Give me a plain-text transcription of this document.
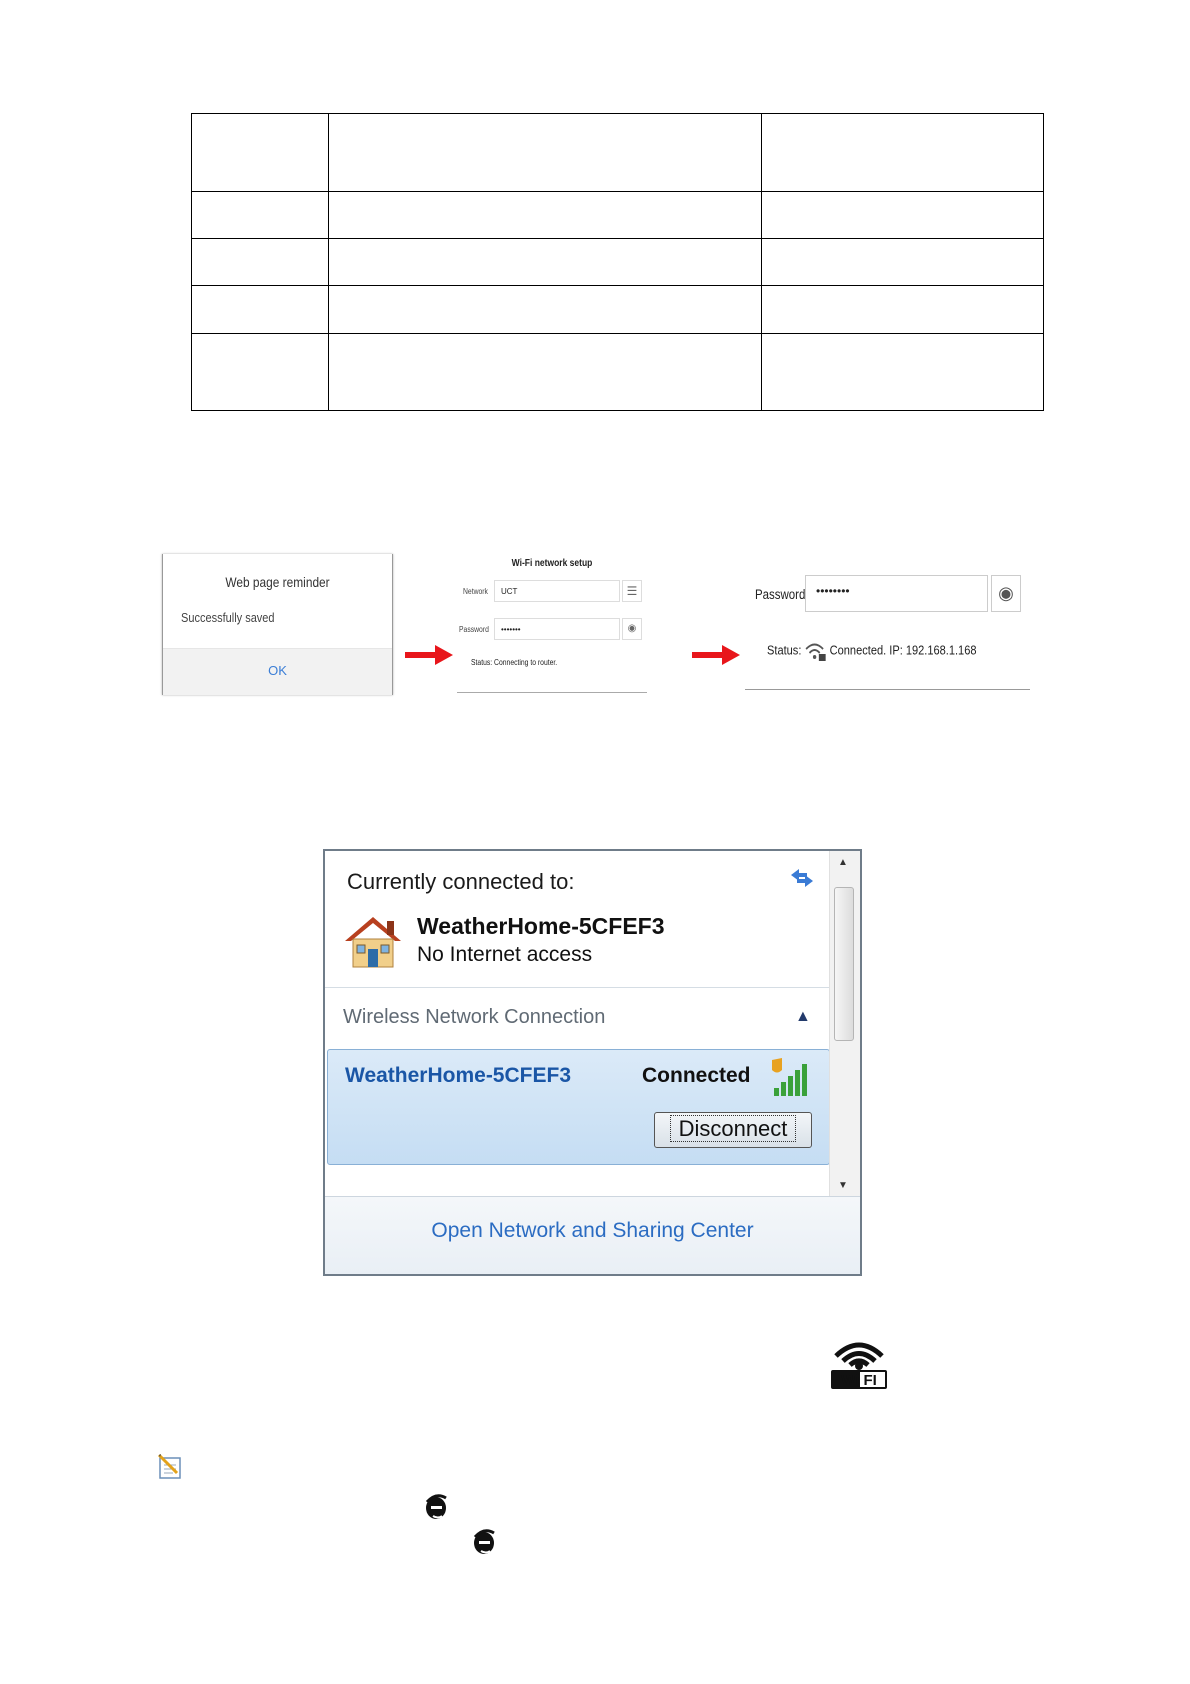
Web page reminder
Successfully saved
OK
Wi-Fi network setup
Network	UCT	☰
Password	•••••••	◉
Status: Connecting to router.
Password ••••••••	◉
Status: Connected. IP: 192.168.1.168
Currently connected to:
WeatherHome-5CFEF3
No Internet access
Wireless Network Connection	▲
WeatherHome-5CFEF3	Connected
Disconnect
▲
▼
Open Network and Sharing Center
Wi FI
